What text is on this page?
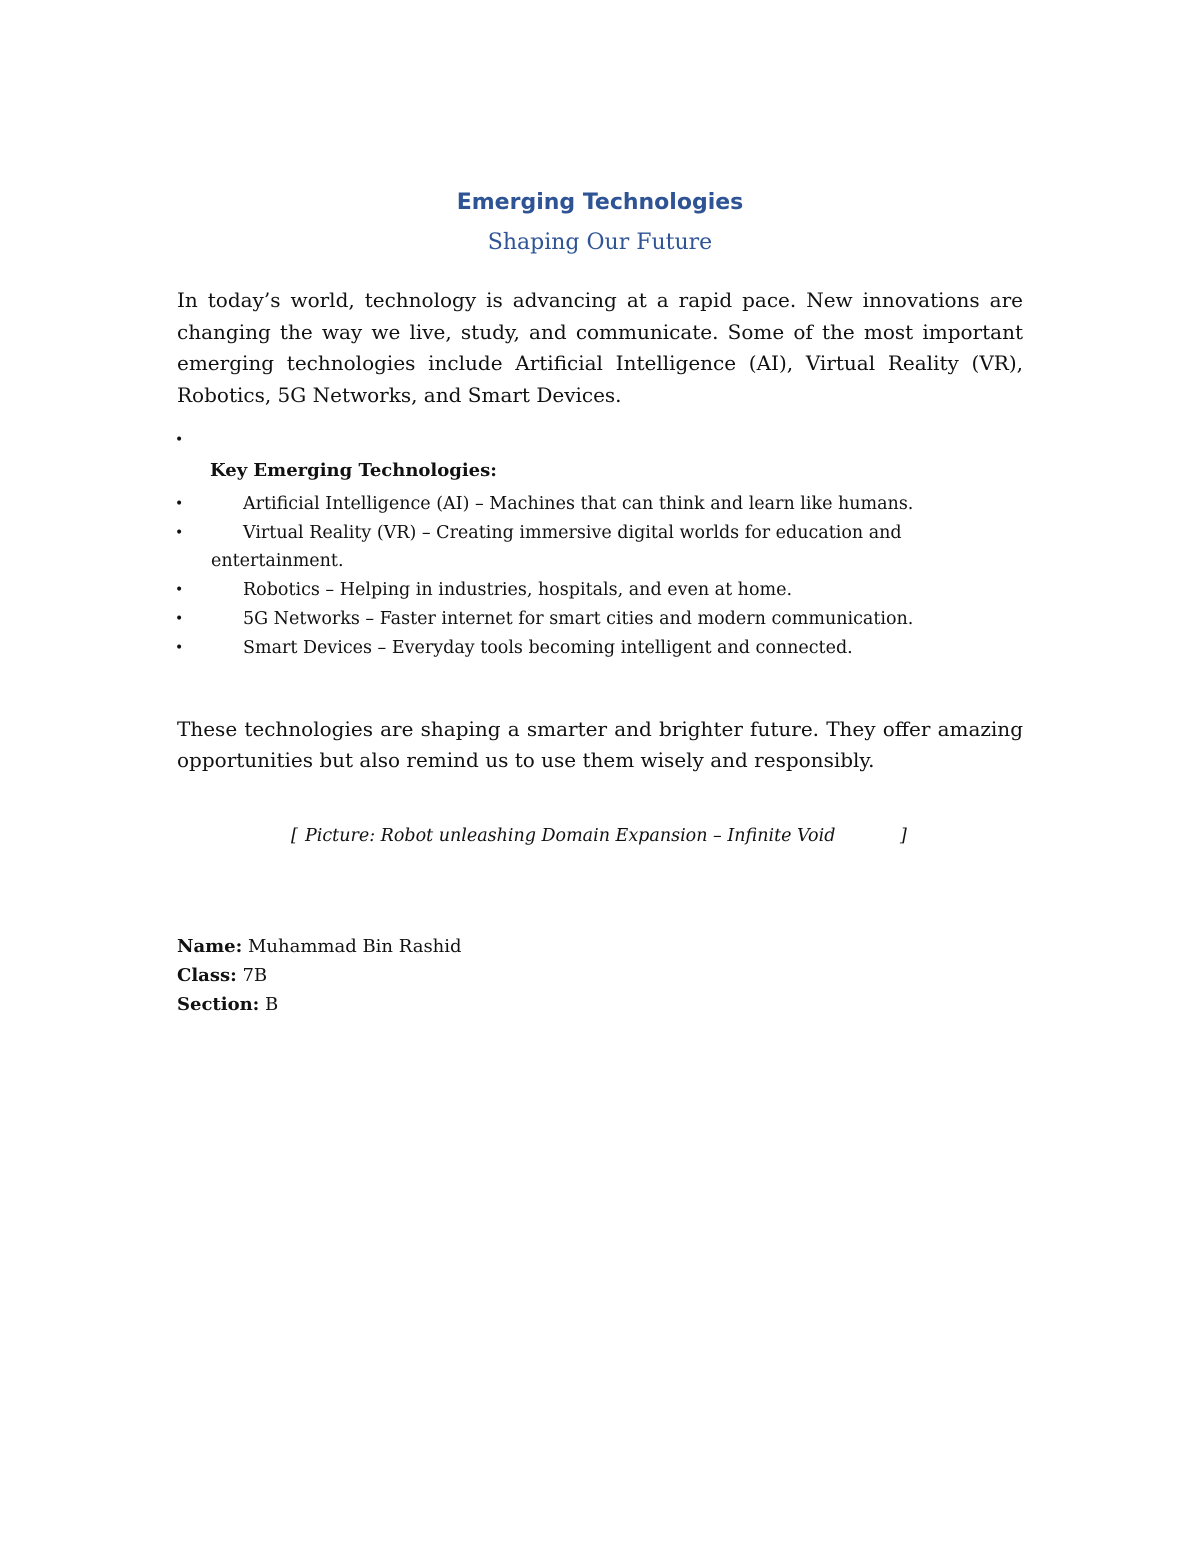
Emerging Technologies
Shaping Our Future

In today’s world, technology is advancing at a rapid pace. New innovations are changing the way we live, study, and communicate. Some of the most important emerging technologies include Artificial Intelligence (AI), Virtual Reality (VR), Robotics, 5G Networks, and Smart Devices.

•

Key Emerging Technologies:

•	Artificial Intelligence (AI) – Machines that can think and learn like humans.
•	Virtual Reality (VR) – Creating immersive digital worlds for education and
entertainment.
•	Robotics – Helping in industries, hospitals, and even at home.
•	5G Networks – Faster internet for smart cities and modern communication.
•	Smart Devices – Everyday tools becoming intelligent and connected.

These technologies are shaping a smarter and brighter future. They offer amazing opportunities but also remind us to use them wisely and responsibly.

[ Picture: Robot unleashing Domain Expansion – Infinite Void	]
Name: Muhammad Bin Rashid
Class: 7B
Section: B
